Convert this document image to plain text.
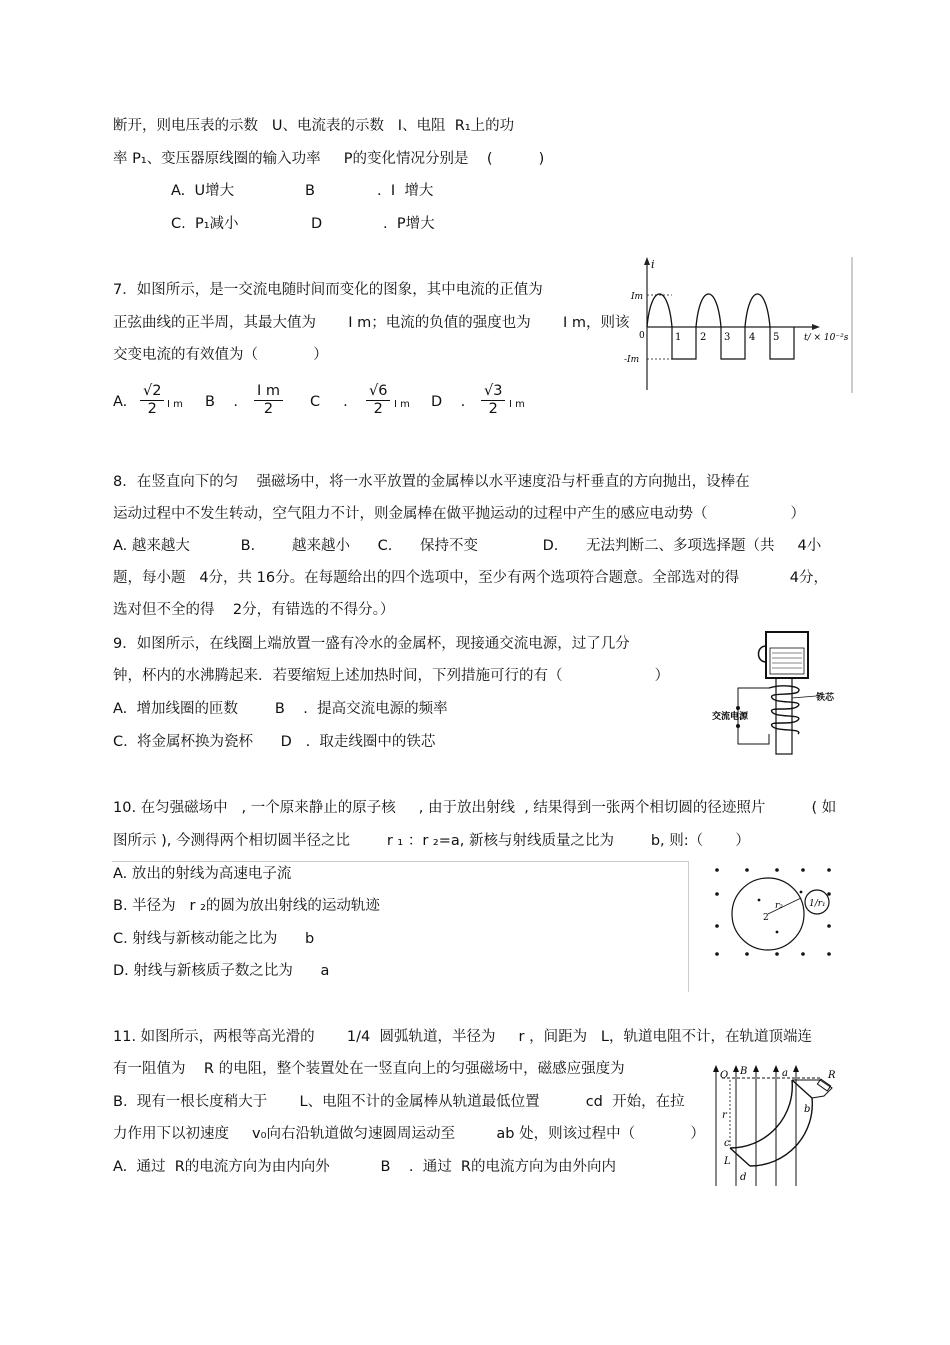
断开，则电压表的示数   U、电流表的示数   I、电阻  R₁上的功
率 P₁、变压器原线圈的输入功率     P的变化情况分别是    (          )
A.  U增大	B	.  I  增大
C.  P₁减小	D	.  P增大
7．如图所示，是一交流电随时间而变化的图象，其中电流的正值为
正弦曲线的正半周，其最大值为       I m；电流的负值的强度也为       I m，则该
交变电流的有效值为（            ）
A. $\frac{√2}{2}$ I m B    . $\frac{\text{I m}}{2}$ C     . $\frac{√6}{2}$ I m D    . $\frac{√3}{2}$ I m
i
Im
-Im
t/ × 10⁻²s
0	1 2 3 4 5
8．在竖直向下的匀    强磁场中，将一水平放置的金属棒以水平速度沿与杆垂直的方向抛出，设棒在
运动过程中不发生转动，空气阻力不计，则金属棒在做平抛运动的过程中产生的感应电动势（                  ）
A. 越来越大           B.        越来越小      C.      保持不变              D.      无法判断二、多项选择题（共     4小
题，每小题   4分，共 16分。在每题给出的四个选项中，至少有两个选项符合题意。全部选对的得           4分，
选对但不全的得    2分，有错选的不得分。）
9．如图所示，在线圈上端放置一盛有冷水的金属杯，现接通交流电源，过了几分
钟，杯内的水沸腾起来．若要缩短上述加热时间，下列措施可行的有（                    ）
A.  增加线圈的匝数        B    .  提高交流电源的频率
C.  将金属杯换为瓷杯      D   .  取走线圈中的铁芯
交流电源
铁芯
10. 在匀强磁场中   , 一个原来静止的原子核     , 由于放出射线  , 结果得到一张两个相切圆的径迹照片          ( 如
图所示 ), 今测得两个相切圆半径之比        r ₁ ：r ₂=a, 新核与射线质量之比为        b, 则:（       ）
A. 放出的射线为高速电子流
B. 半径为   r ₂的圆为放出射线的运动轨迹
C. 射线与新核动能之比为      b
D. 射线与新核质子数之比为      a
r₂
2
1/r₁
11. 如图所示，两根等高光滑的       1/4  圆弧轨道，半径为     r ，间距为   L，轨道电阻不计，在轨道顶端连
有一阻值为    R 的电阻，整个装置处在一竖直向上的匀强磁场中，磁感应强度为
B.  现有一根长度稍大于       L、电阻不计的金属棒从轨道最低位置          cd  开始，在拉
力作用下以初速度     v₀向右沿轨道做匀速圆周运动至         ab 处，则该过程中（            ）
A.  通过  R的电流方向为由内向外           B    .  通过  R的电流方向为由外向内
O B	a	R
b
r
c
L
d
